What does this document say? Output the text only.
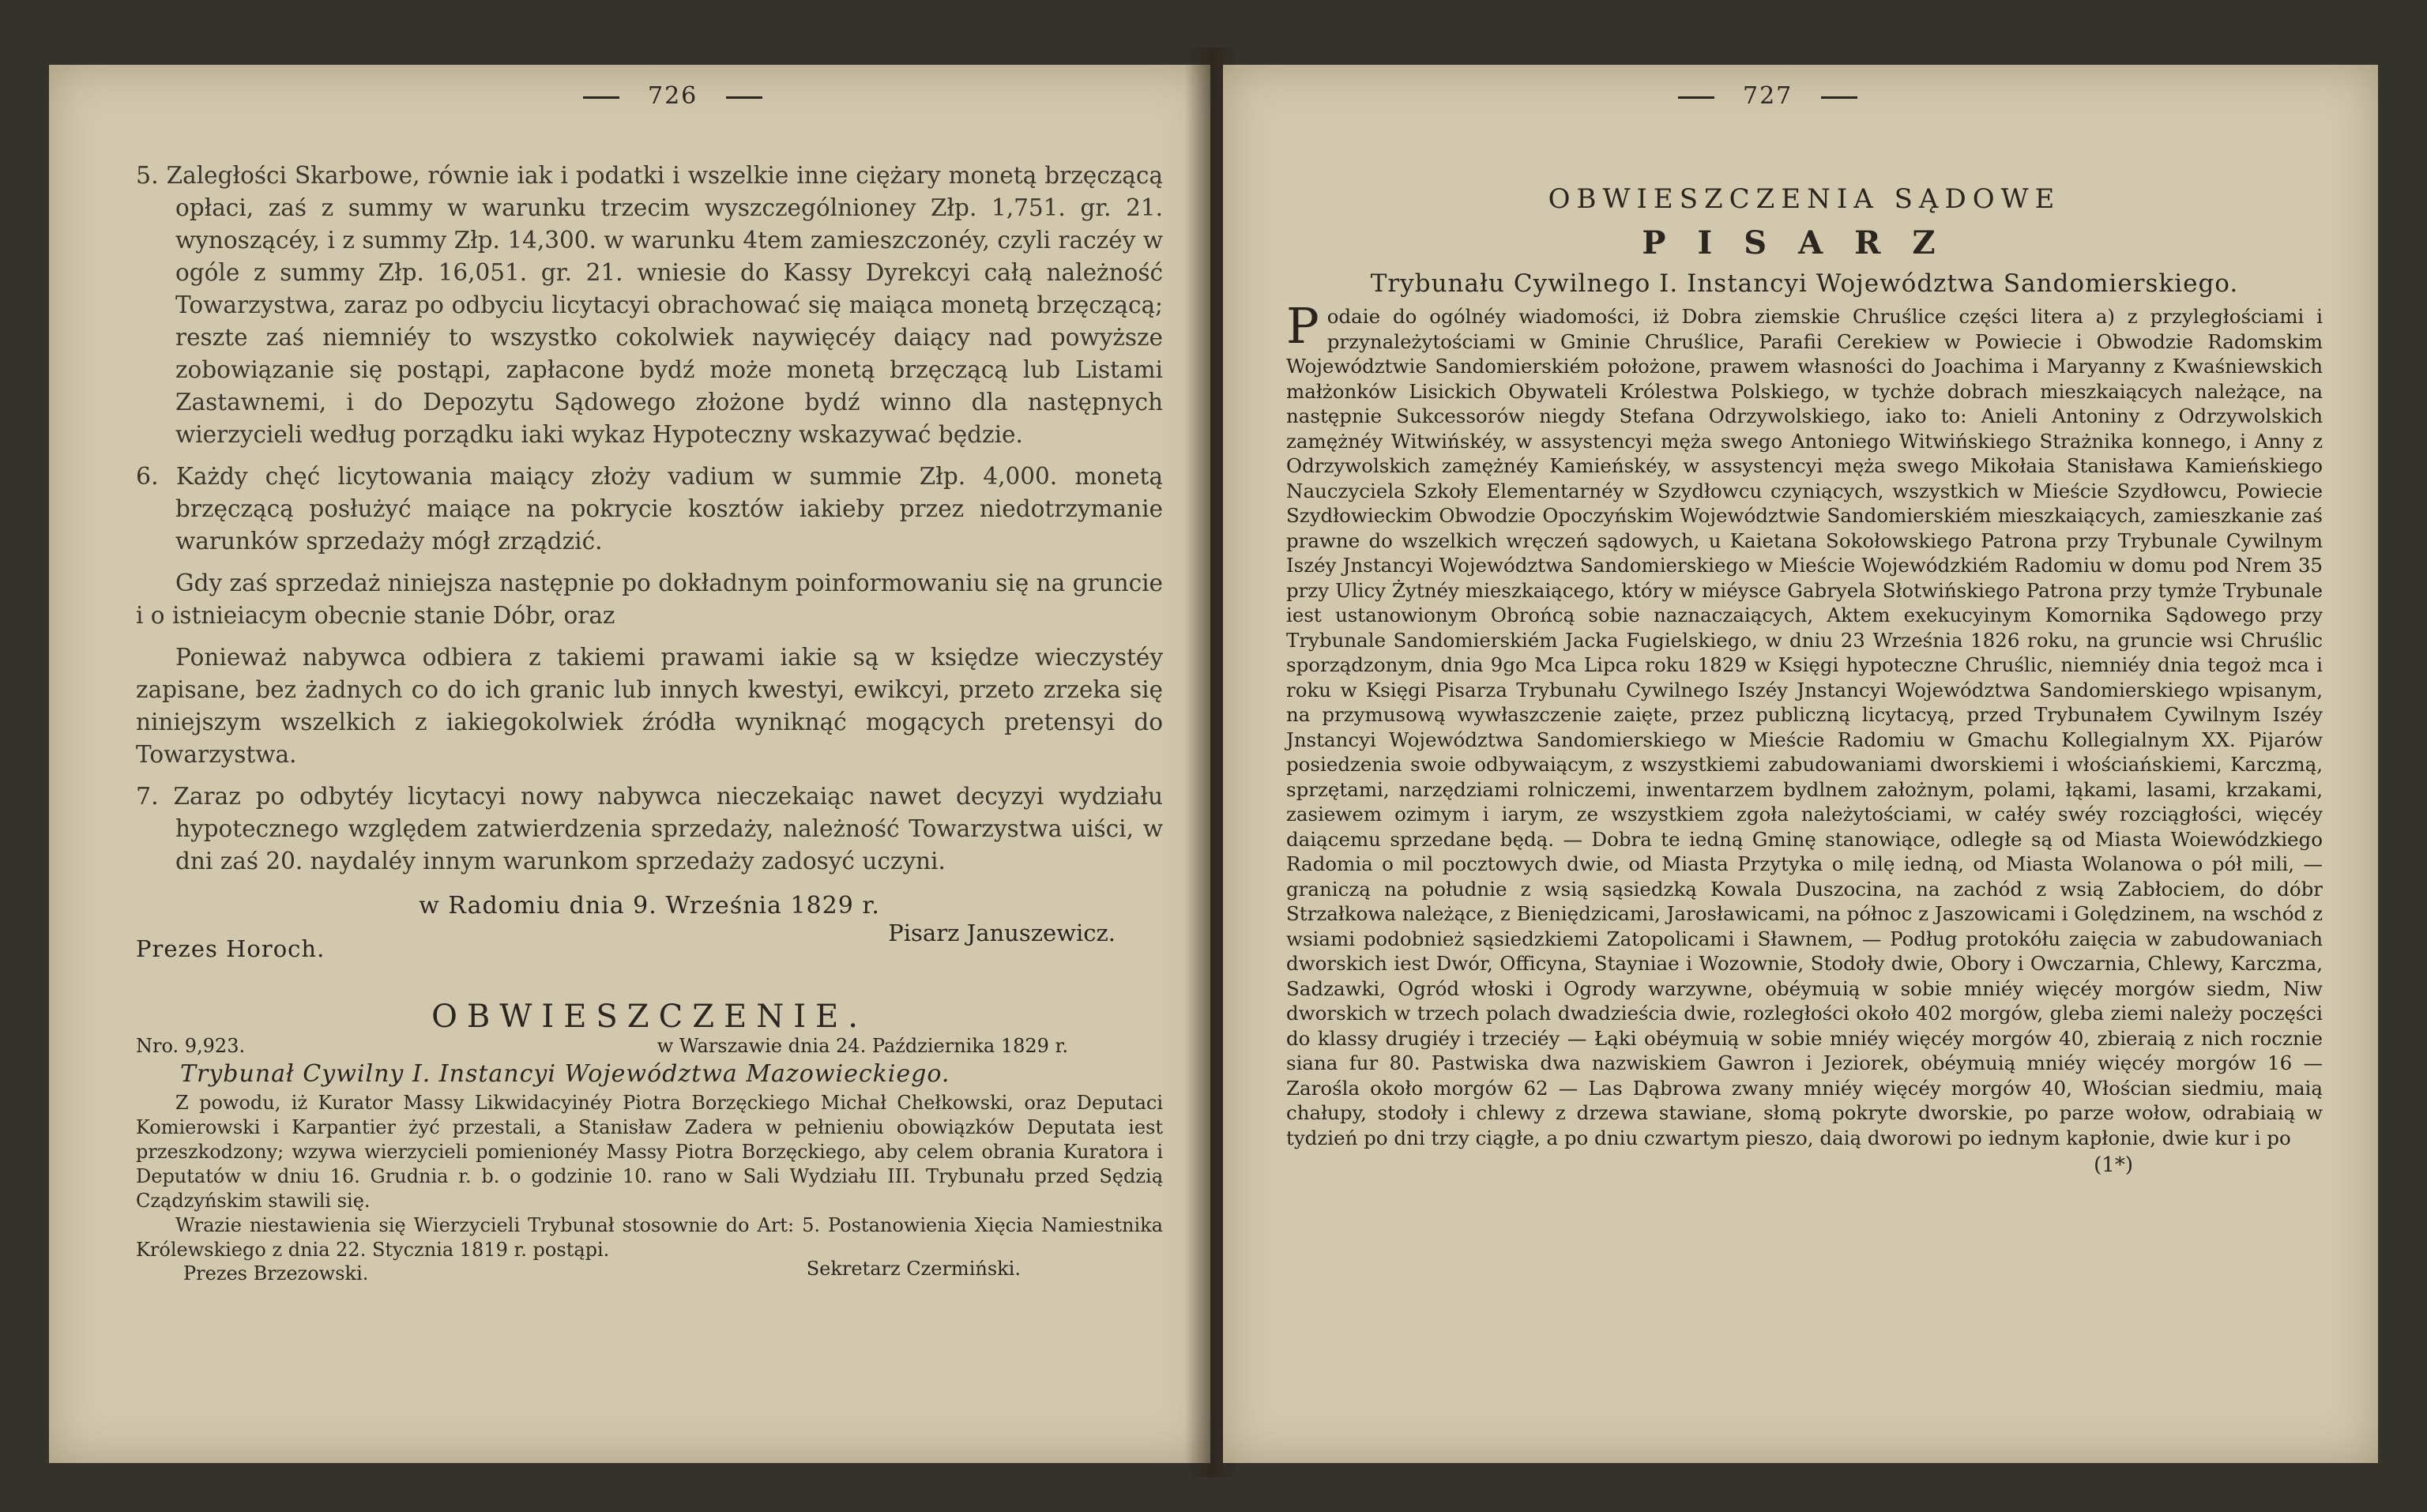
726

5. Zaległości Skarbowe, równie iak i podatki i wszelkie inne ciężary monetą brzęczącą opłaci, zaś z summy w warunku trzecim wyszczególnioney Złp. 1,751. gr. 21. wynoszącéy, i z summy Złp. 14,300. w warunku 4tem zamieszczonéy, czyli raczéy w ogóle z summy Złp. 16,051. gr. 21. wniesie do Kassy Dyrekcyi całą należność Towarzystwa, zaraz po odbyciu licytacyi obrachować się maiąca monetą brzęczącą; reszte zaś niemniéy to wszystko cokolwiek naywięcéy daiący nad powyższe zobowiązanie się postąpi, zapłacone bydź może monetą brzęczącą lub Listami Zastawnemi, i do Depozytu Sądowego złożone bydź winno dla następnych wierzycieli według porządku iaki wykaz Hypoteczny wskazywać będzie.

6. Każdy chęć licytowania maiący złoży vadium w summie Złp. 4,000. monetą brzęczącą posłużyć maiące na pokrycie kosztów iakieby przez niedotrzymanie warunków sprzedaży mógł zrządzić.

Gdy zaś sprzedaż niniejsza następnie po dokładnym poinformowaniu się na gruncie i o istnieiacym obecnie stanie Dóbr, oraz

Ponieważ nabywca odbiera z takiemi prawami iakie są w księdze wieczystéy zapisane, bez żadnych co do ich granic lub innych kwestyi, ewikcyi, przeto zrzeka się niniejszym wszelkich z iakiegokolwiek źródła wyniknąć mogących pretensyi do Towarzystwa.

7. Zaraz po odbytéy licytacyi nowy nabywca nieczekaiąc nawet decyzyi wydziału hypotecznego względem zatwierdzenia sprzedaży, należność Towarzystwa uiści, w dni zaś 20. naydaléy innym warunkom sprzedaży zadosyć uczyni.

w Radomiu dnia 9. Września 1829 r.

Prezes Horoch.
Pisarz Januszewicz.

OBWIESZCZENIE.

Nro. 9,923.	w Warszawie dnia 24. Października 1829 r.

Trybunał Cywilny I. Instancyi Województwa Mazowieckiego.

Z powodu, iż Kurator Massy Likwidacyinéy Piotra Borzęckiego Michał Chełkowski, oraz Deputaci Komierowski i Karpantier żyć przestali, a Stanisław Zadera w pełnieniu obowiązków Deputata iest przeszkodzony; wzywa wierzycieli pomienionéy Massy Piotra Borzęckiego, aby celem obrania Kuratora i Deputatów w dniu 16. Grudnia r. b. o godzinie 10. rano w Sali Wydziału III. Trybunału przed Sędzią Cządzyńskim stawili się.

Wrazie niestawienia się Wierzycieli Trybunał stosownie do Art: 5. Postanowienia Xięcia Namiestnika Królewskiego z dnia 22. Stycznia 1819 r. postąpi.

Prezes Brzezowski.	Sekretarz Czermiński.
727

OBWIESZCZENIA SĄDOWE

PISARZ

Trybunału Cywilnego I. Instancyi Województwa Sandomierskiego.

Podaie do ogólnéy wiadomości, iż Dobra ziemskie Chruślice części litera a) z przyległościami i przynależytościami w Gminie Chruślice, Parafii Cerekiew w Powiecie i Obwodzie Radomskim Województwie Sandomierskiém położone, prawem własności do Joachima i Maryanny z Kwaśniewskich małżonków Lisickich Obywateli Królestwa Polskiego, w tychże dobrach mieszkaiących należące, na następnie Sukcessorów niegdy Stefana Odrzywolskiego, iako to: Anieli Antoniny z Odrzywolskich zamężnéy Witwińskéy, w assystencyi męża swego Antoniego Witwińskiego Strażnika konnego, i Anny z Odrzywolskich zamężnéy Kamieńskéy, w assystencyi męża swego Mikołaia Stanisława Kamieńskiego Nauczyciela Szkoły Elementarnéy w Szydłowcu czyniących, wszystkich w Mieście Szydłowcu, Powiecie Szydłowieckim Obwodzie Opoczyńskim Województwie Sandomierskiém mieszkaiących, zamieszkanie zaś prawne do wszelkich wręczeń sądowych, u Kaietana Sokołowskiego Patrona przy Trybunale Cywilnym Iszéy Jnstancyi Województwa Sandomierskiego w Mieście Wojewódzkiém Radomiu w domu pod Nrem 35 przy Ulicy Żytnéy mieszkaiącego, który w miéysce Gabryela Słotwińskiego Patrona przy tymże Trybunale iest ustanowionym Obrońcą sobie naznaczaiących, Aktem exekucyinym Komornika Sądowego przy Trybunale Sandomierskiém Jacka Fugielskiego, w dniu 23 Września 1826 roku, na gruncie wsi Chruślic sporządzonym, dnia 9go Mca Lipca roku 1829 w Księgi hypoteczne Chruślic, niemniéy dnia tegoż mca i roku w Księgi Pisarza Trybunału Cywilnego Iszéy Jnstancyi Województwa Sandomierskiego wpisanym, na przymusową wywłaszczenie zaięte, przez publiczną licytacyą, przed Trybunałem Cywilnym Iszéy Jnstancyi Województwa Sandomierskiego w Mieście Radomiu w Gmachu Kollegialnym XX. Pijarów posiedzenia swoie odbywaiącym, z wszystkiemi zabudowaniami dworskiemi i włościańskiemi, Karczmą, sprzętami, narzędziami rolniczemi, inwentarzem bydlnem założnym, polami, łąkami, lasami, krzakami, zasiewem ozimym i iarym, ze wszystkiem zgoła należytościami, w całéy swéy rozciągłości, więcéy daiącemu sprzedane będą. — Dobra te iedną Gminę stanowiące, odległe są od Miasta Woiewódzkiego Radomia o mil pocztowych dwie, od Miasta Przytyka o milę iedną, od Miasta Wolanowa o pół mili, — graniczą na południe z wsią sąsiedzką Kowala Duszocina, na zachód z wsią Zabłociem, do dóbr Strzałkowa należące, z Bieniędzicami, Jarosławicami, na północ z Jaszowicami i Golędzinem, na wschód z wsiami podobnież sąsiedzkiemi Zatopolicami i Sławnem, — Podług protokółu zaięcia w zabudowaniach dworskich iest Dwór, Officyna, Stayniae i Wozownie, Stodoły dwie, Obory i Owczarnia, Chlewy, Karczma, Sadzawki, Ogród włoski i Ogrody warzywne, obéymuią w sobie mniéy więcéy morgów siedm, Niw dworskich w trzech polach dwadzieścia dwie, rozległości około 402 morgów, gleba ziemi należy poczęści do klassy drugiéy i trzeciéy — Łąki obéymuią w sobie mniéy więcéy morgów 40, zbieraią z nich rocznie siana fur 80. Pastwiska dwa nazwiskiem Gawron i Jeziorek, obéymuią mniéy więcéy morgów 16 — Zarośla około morgów 62 — Las Dąbrowa zwany mniéy więcéy morgów 40, Włościan siedmiu, maią chałupy, stodoły i chlewy z drzewa stawiane, słomą pokryte dworskie, po parze wołow, odrabiaią w tydzień po dni trzy ciągłe, a po dniu czwartym pieszo, daią dworowi po iednym kapłonie, dwie kur i po

(1*)
